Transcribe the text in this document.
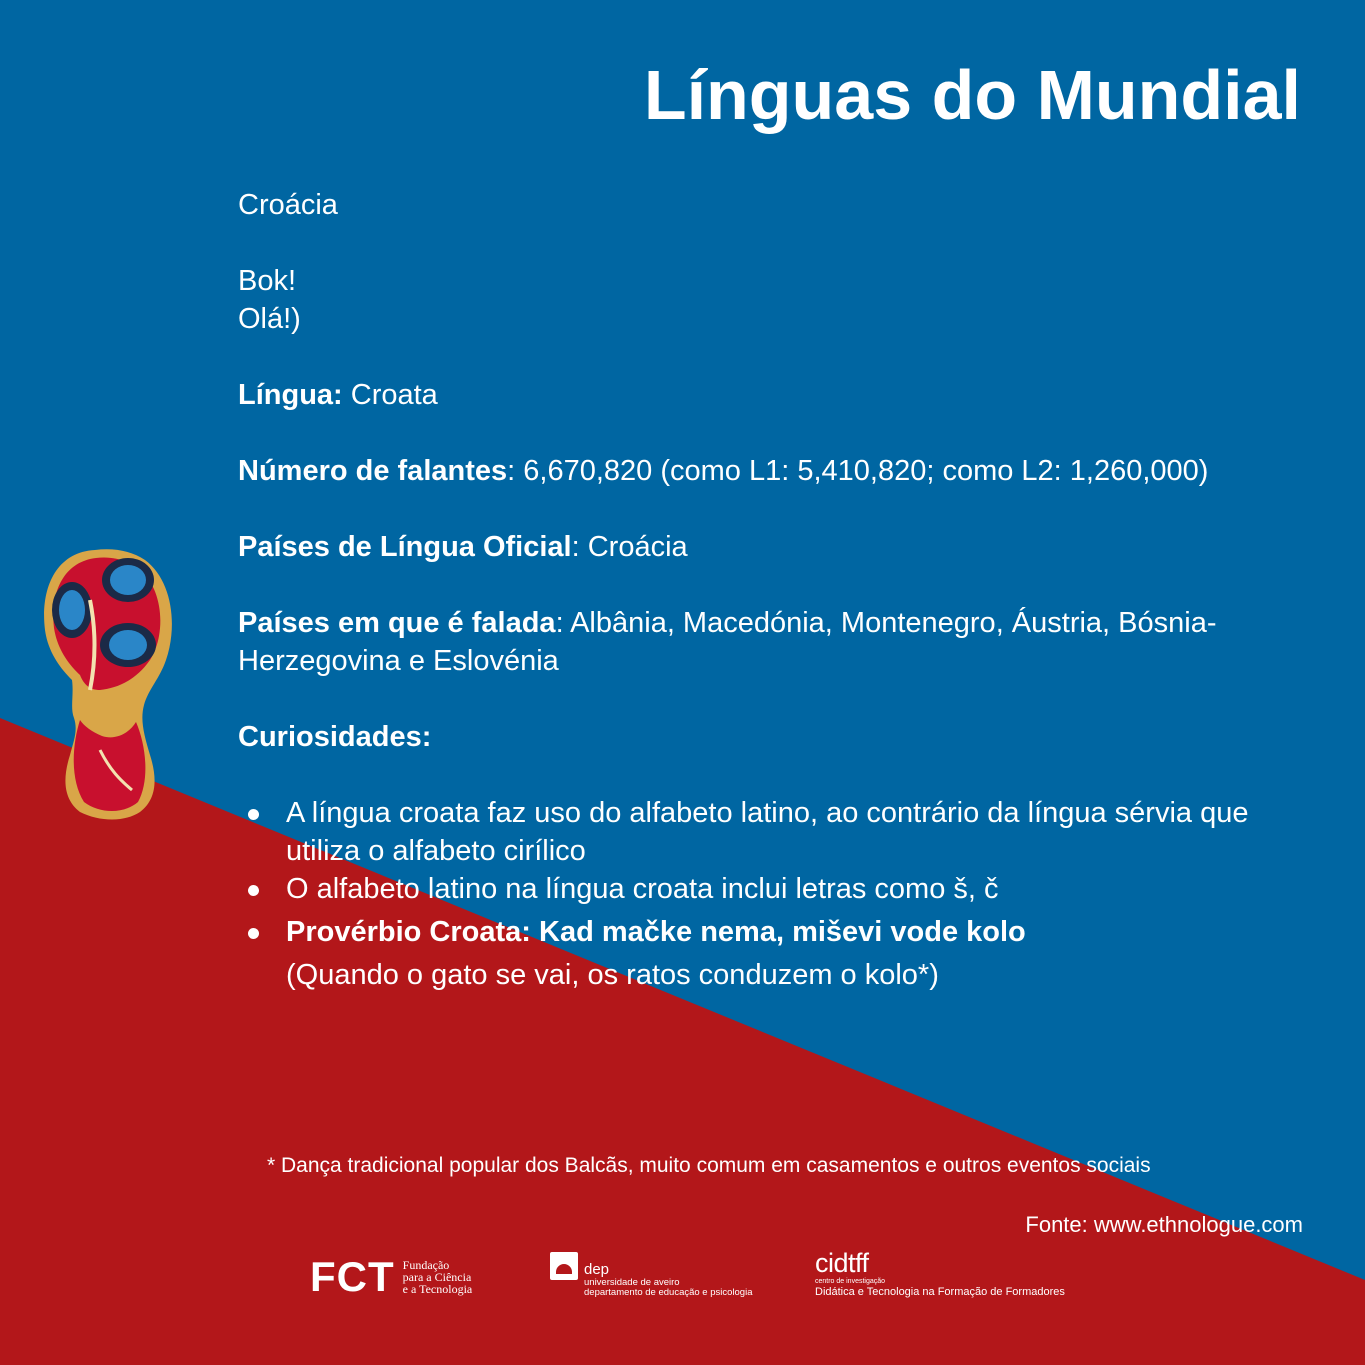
Línguas do Mundial
Croácia
Bok!
Olá!)
Língua: Croata
Número de falantes: 6,670,820 (como L1: 5,410,820; como L2: 1,260,000)
Países de Língua Oficial: Croácia
Países em que é falada: Albânia, Macedónia, Montenegro, Áustria, Bósnia-Herzegovina e Eslovénia
Curiosidades:
A língua croata faz uso do alfabeto latino, ao contrário da língua sérvia que utiliza o alfabeto cirílico
O alfabeto latino na língua croata inclui letras como š, č
Provérbio Croata: Kad mačke nema, miševi vode kolo
(Quando o gato se vai, os ratos conduzem o kolo*)
* Dança tradicional popular dos Balcãs, muito comum em casamentos e outros eventos sociais
Fonte: www.ethnologue.com
FCT Fundação
para a Ciência
e a Tecnologia
dep
universidade de aveiro
departamento de educação e psicologia
cidtff
centro de investigação
Didática e Tecnologia na Formação de Formadores
